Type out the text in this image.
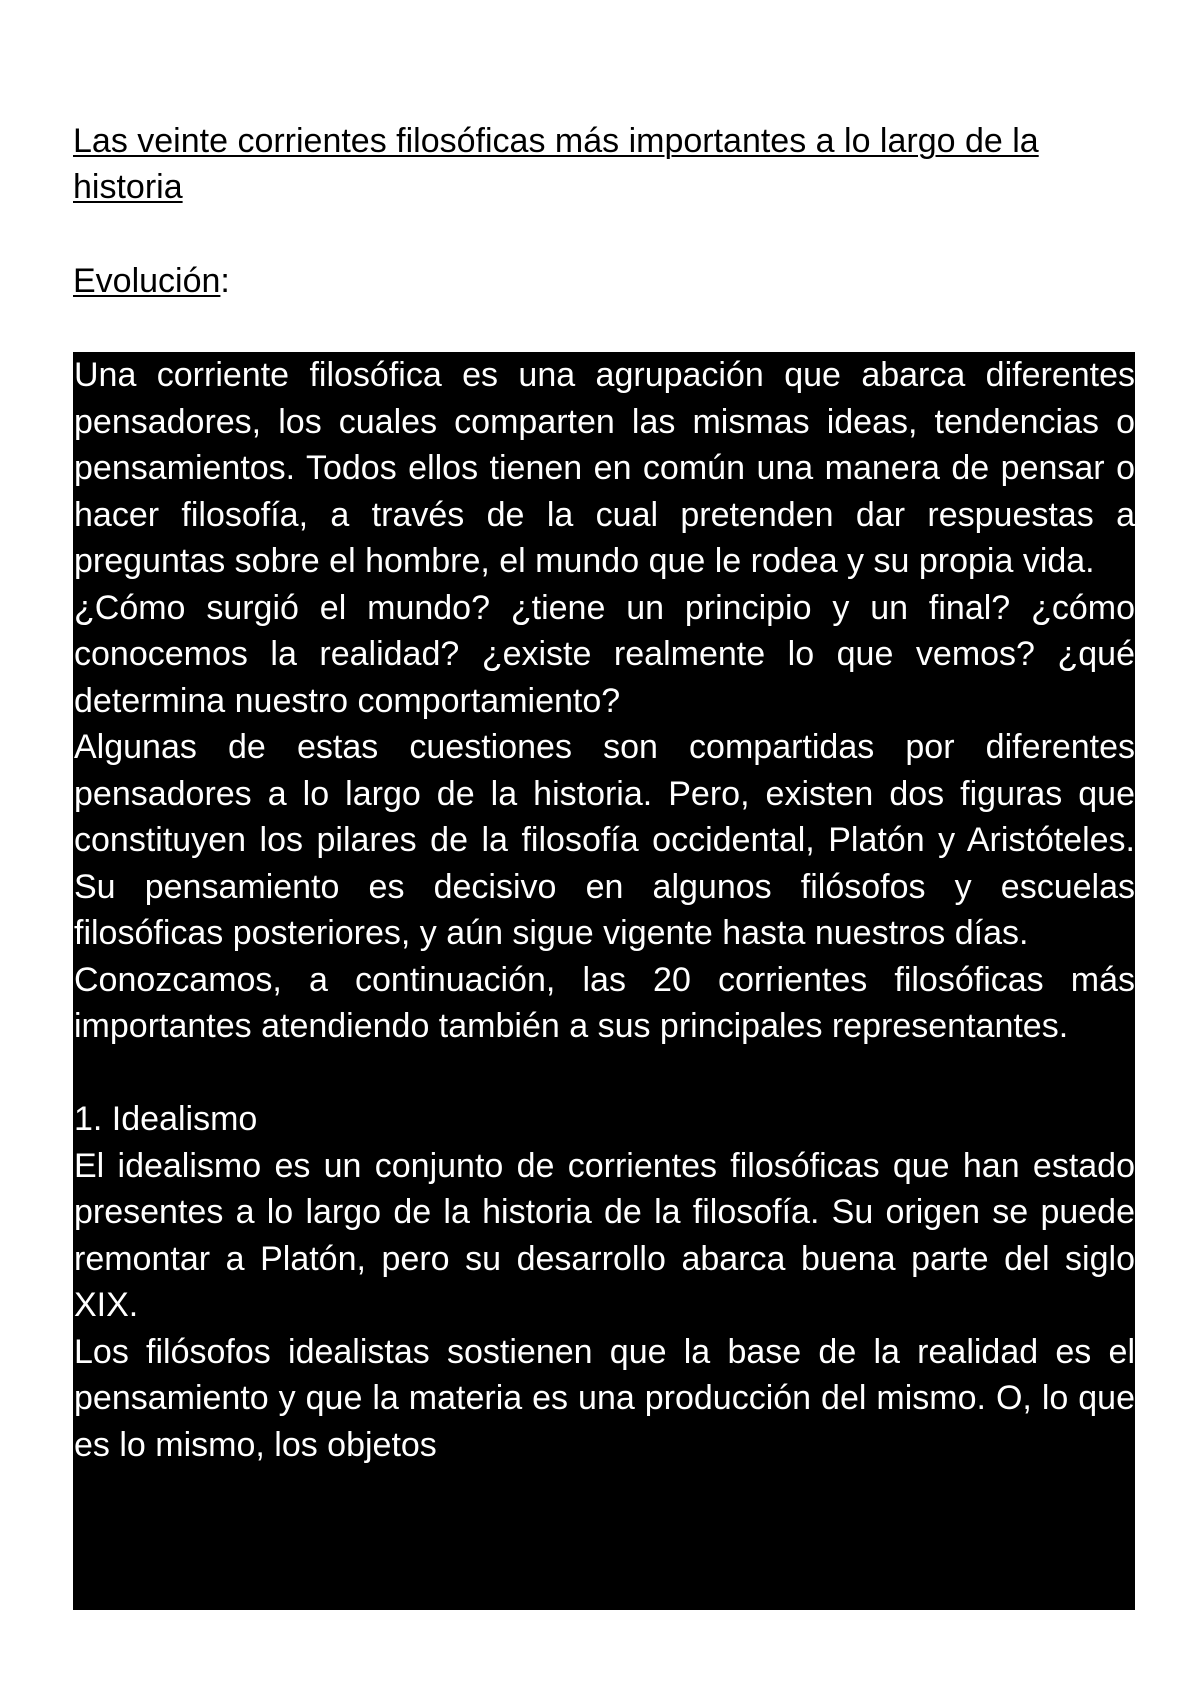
Las veinte corrientes filosóficas más importantes a lo largo de la historia
Evolución:

Una corriente filosófica es una agrupación que abarca diferentes pensadores, los cuales comparten las mismas ideas, tendencias o pensamientos. Todos ellos tienen en común una manera de pensar o hacer filosofía, a través de la cual pretenden dar respuestas a preguntas sobre el hombre, el mundo que le rodea y su propia vida.

¿Cómo surgió el mundo? ¿tiene un principio y un final? ¿cómo conocemos la realidad? ¿existe realmente lo que vemos? ¿qué determina nuestro comportamiento?

Algunas de estas cuestiones son compartidas por diferentes pensadores a lo largo de la historia. Pero, existen dos figuras que constituyen los pilares de la filosofía occidental, Platón y Aristóteles. Su pensamiento es decisivo en algunos filósofos y escuelas filosóficas posteriores, y aún sigue vigente hasta nuestros días.

Conozcamos, a continuación, las 20 corrientes filosóficas más importantes atendiendo también a sus principales representantes.

1. Idealismo

El idealismo es un conjunto de corrientes filosóficas que han estado presentes a lo largo de la historia de la filosofía. Su origen se puede remontar a Platón, pero su desarrollo abarca buena parte del siglo XIX.

Los filósofos idealistas sostienen que la base de la realidad es el pensamiento y que la materia es una producción del mismo. O, lo que es lo mismo, los objetos
